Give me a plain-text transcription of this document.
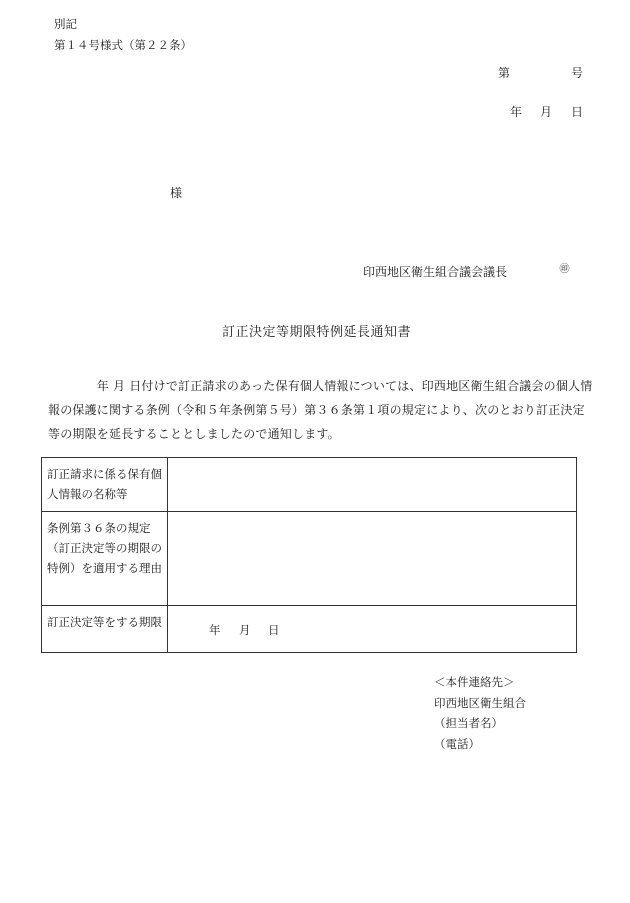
別記
第１４号様式（第２２条）
第	号
年 月 日
様
印西地区衛生組合議会議長	㊞
訂正決定等期限特例延長通知書
　　　　年 月 日付けで訂正請求のあった保有個人情報については、印西地区衛生組合議会の個人情報の保護に関する条例（令和５年条例第５号）第３６条第１項の規定により、次のとおり訂正決定等の期限を延長することとしましたので通知します。
訂正請求に係る保有個人情報の名称等	
条例第３６条の規定（訂正決定等の期限の特例）を適用する理由	
訂正決定等をする期限	年 月 日
＜本件連絡先＞
印西地区衛生組合
（担当者名）
（電話）
